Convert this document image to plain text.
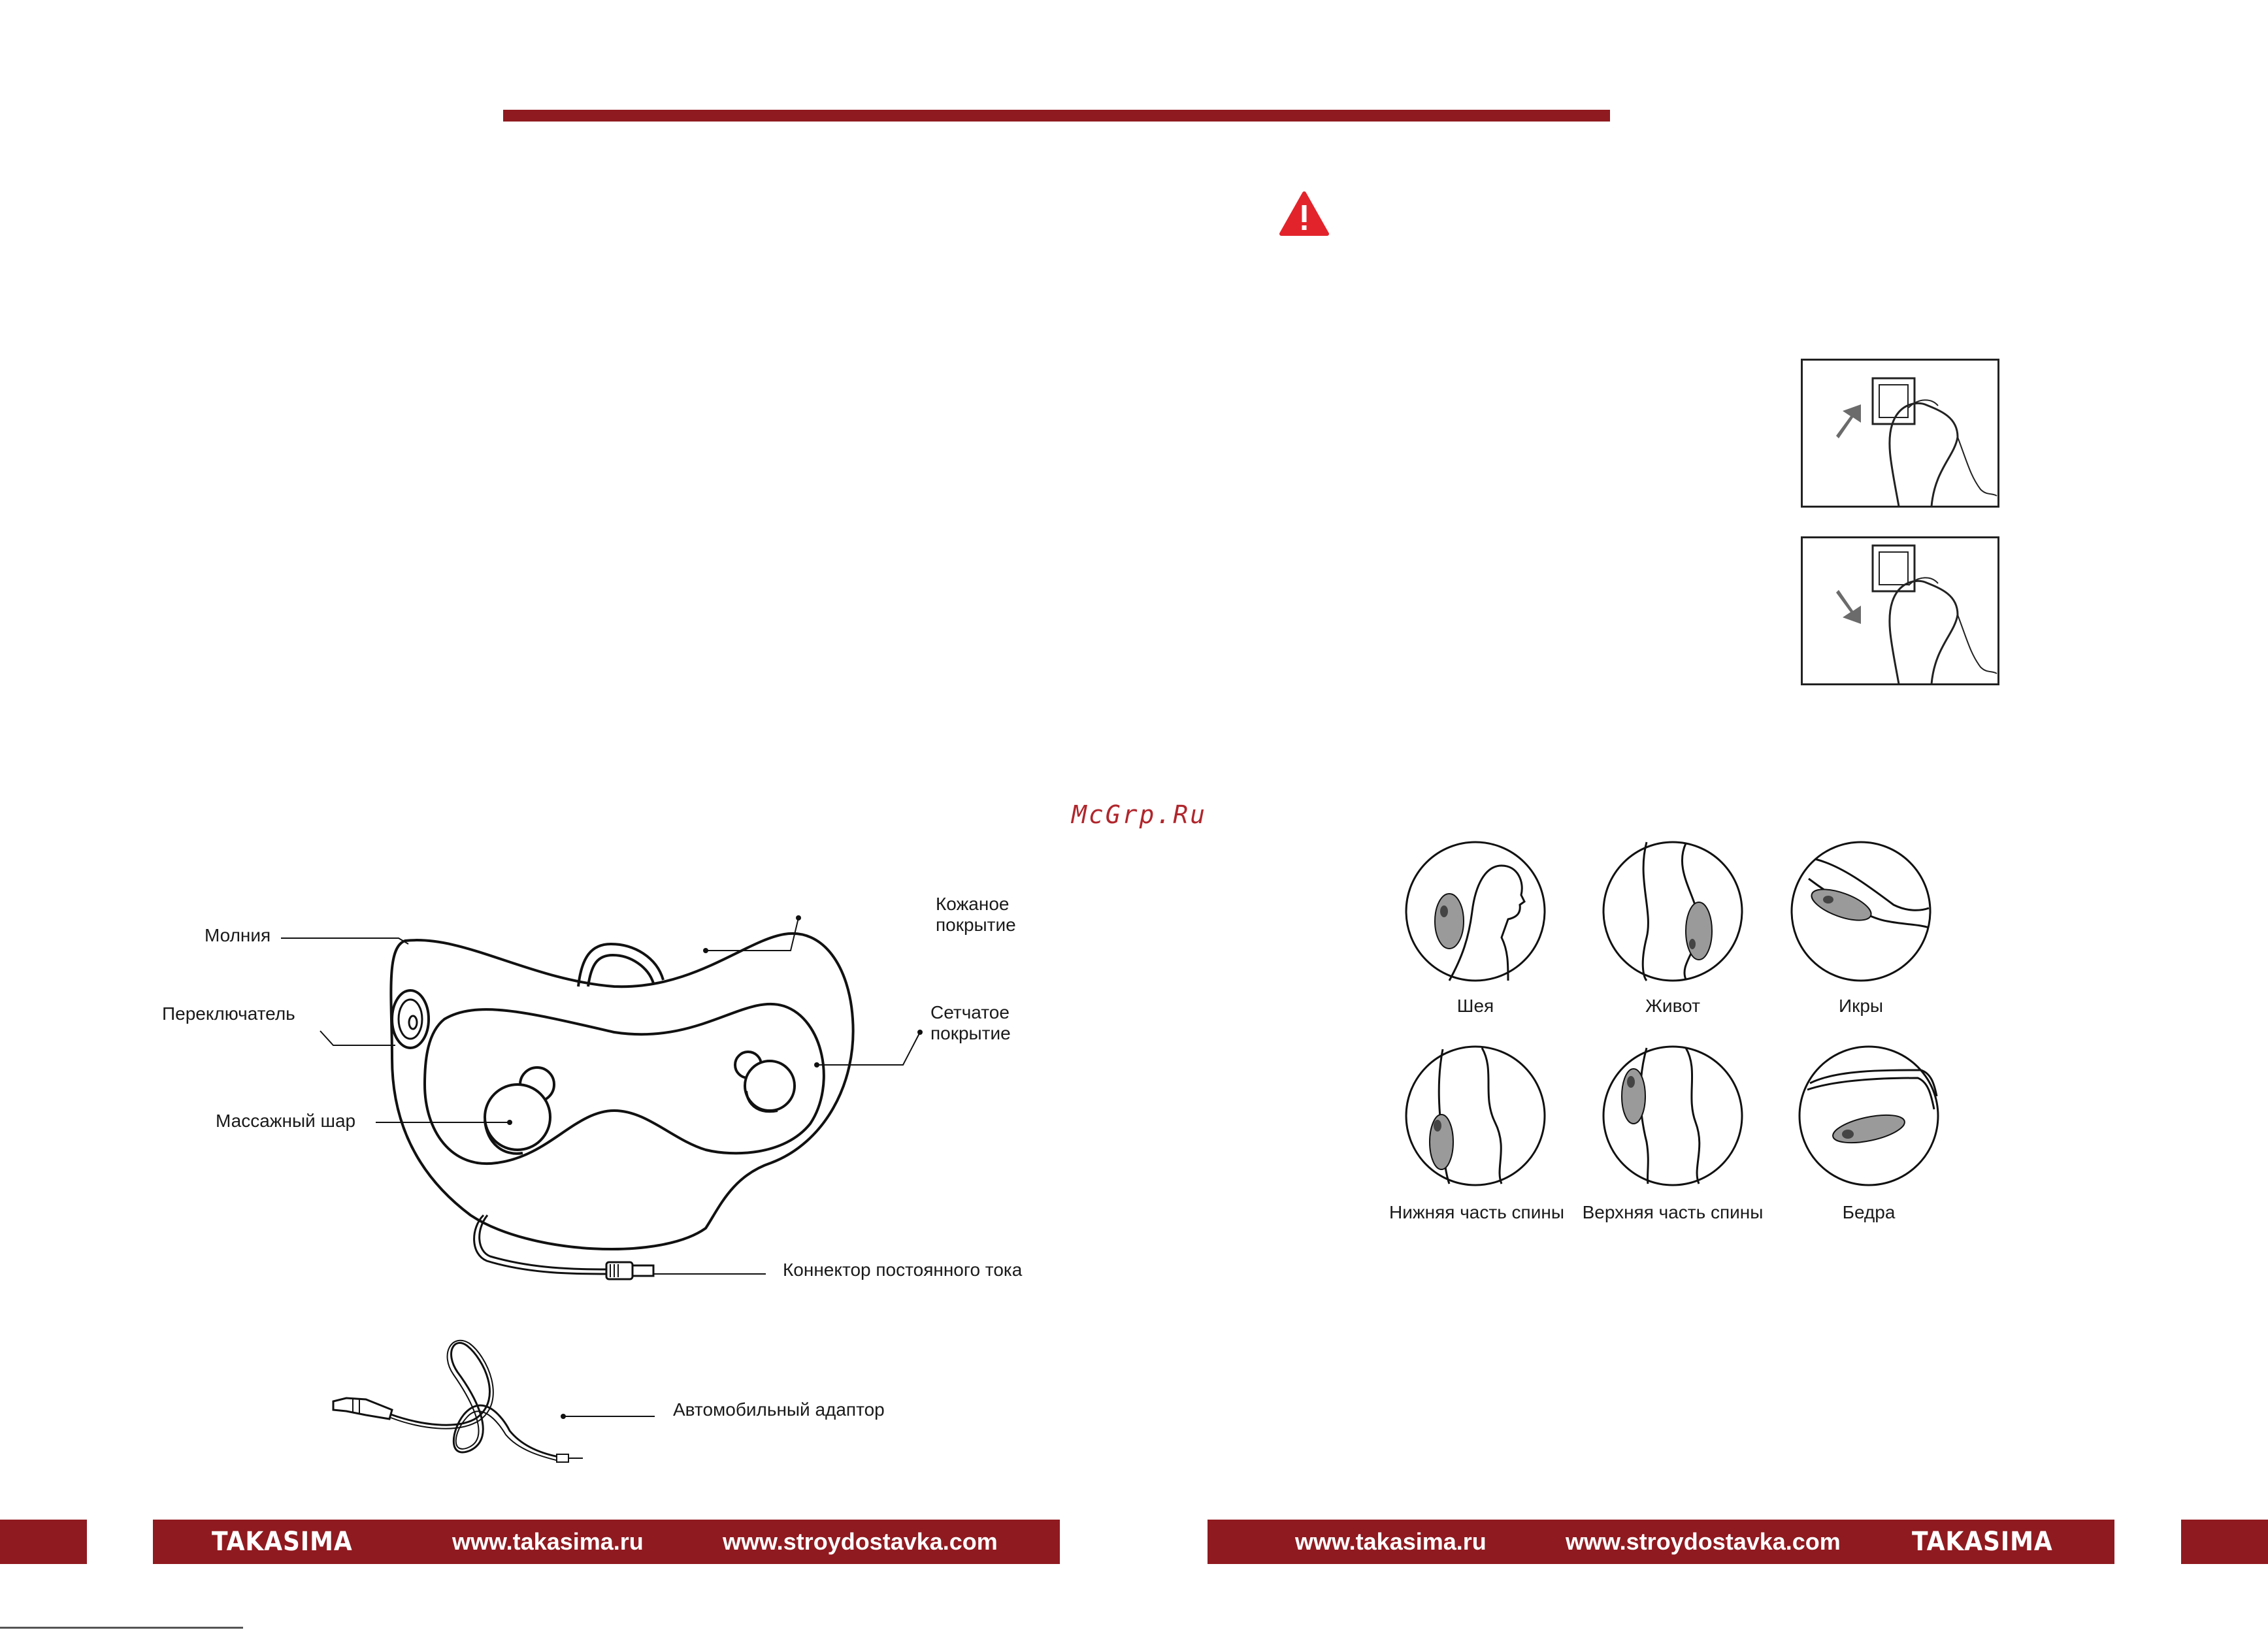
McGrp.Ru
Молния
Переключатель
Массажный шар
Кожаное
покрытие
Сетчатое
покрытие
Коннектор постоянного тока
Автомобильный адаптор
Шея	Живот	Икры
Нижняя часть спины Верхняя часть спины	Бедра
TAKASIMA	www.takasima.ru	www.stroydostavka.com	www.takasima.ru	www.stroydostavka.com	TAKASIMA
